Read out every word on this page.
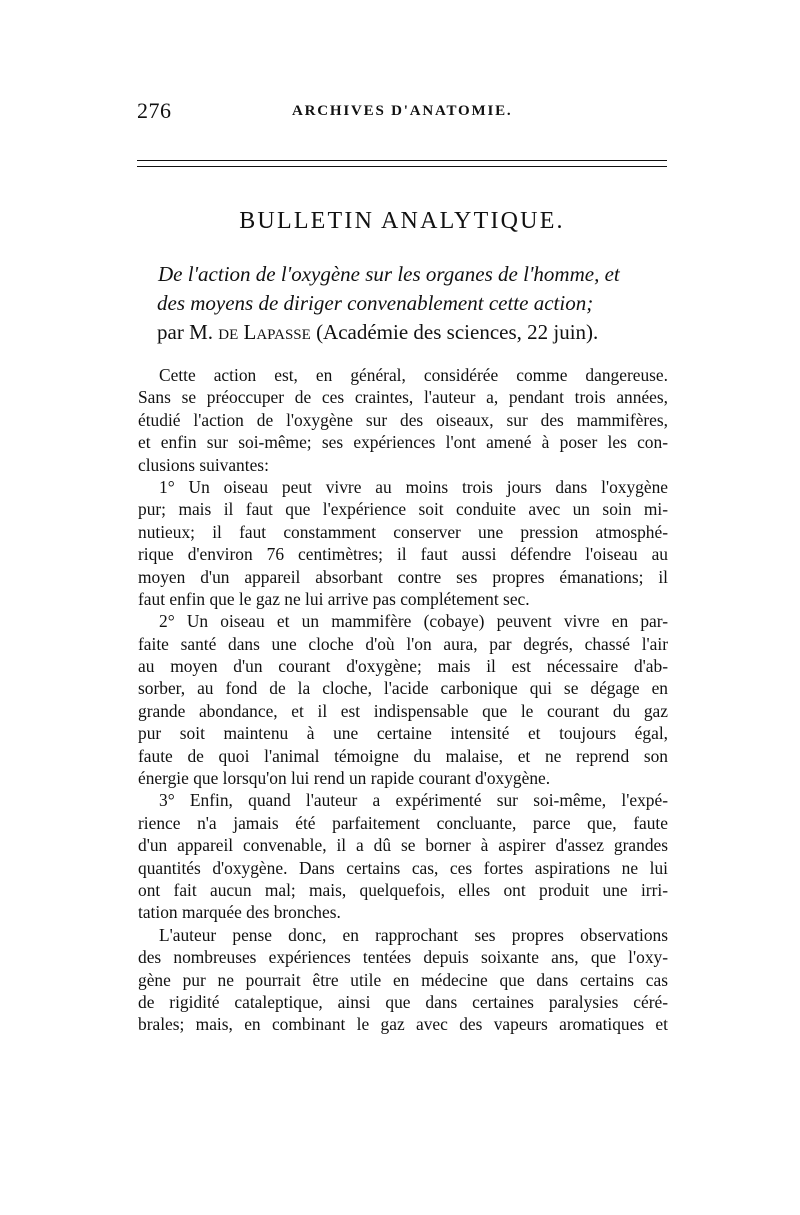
276	ARCHIVES D'ANATOMIE.
BULLETIN ANALYTIQUE.
De l'action de l'oxygène sur les organes de l'homme, et
des moyens de diriger convenablement cette action;
par M. de Lapasse (Académie des sciences, 22 juin).
Cette action est, en général, considérée comme dangereuse.
Sans se préoccuper de ces craintes, l'auteur a, pendant trois années,
étudié l'action de l'oxygène sur des oiseaux, sur des mammifères,
et enfin sur soi-même; ses expériences l'ont amené à poser les con-
clusions suivantes:
1° Un oiseau peut vivre au moins trois jours dans l'oxygène
pur; mais il faut que l'expérience soit conduite avec un soin mi-
nutieux; il faut constamment conserver une pression atmosphé-
rique d'environ 76 centimètres; il faut aussi défendre l'oiseau au
moyen d'un appareil absorbant contre ses propres émanations; il
faut enfin que le gaz ne lui arrive pas complétement sec.
2° Un oiseau et un mammifère (cobaye) peuvent vivre en par-
faite santé dans une cloche d'où l'on aura, par degrés, chassé l'air
au moyen d'un courant d'oxygène; mais il est nécessaire d'ab-
sorber, au fond de la cloche, l'acide carbonique qui se dégage en
grande abondance, et il est indispensable que le courant du gaz
pur soit maintenu à une certaine intensité et toujours égal,
faute de quoi l'animal témoigne du malaise, et ne reprend son
énergie que lorsqu'on lui rend un rapide courant d'oxygène.
3° Enfin, quand l'auteur a expérimenté sur soi-même, l'expé-
rience n'a jamais été parfaitement concluante, parce que, faute
d'un appareil convenable, il a dû se borner à aspirer d'assez grandes
quantités d'oxygène. Dans certains cas, ces fortes aspirations ne lui
ont fait aucun mal; mais, quelquefois, elles ont produit une irri-
tation marquée des bronches.
L'auteur pense donc, en rapprochant ses propres observations
des nombreuses expériences tentées depuis soixante ans, que l'oxy-
gène pur ne pourrait être utile en médecine que dans certains cas
de rigidité cataleptique, ainsi que dans certaines paralysies céré-
brales; mais, en combinant le gaz avec des vapeurs aromatiques et
